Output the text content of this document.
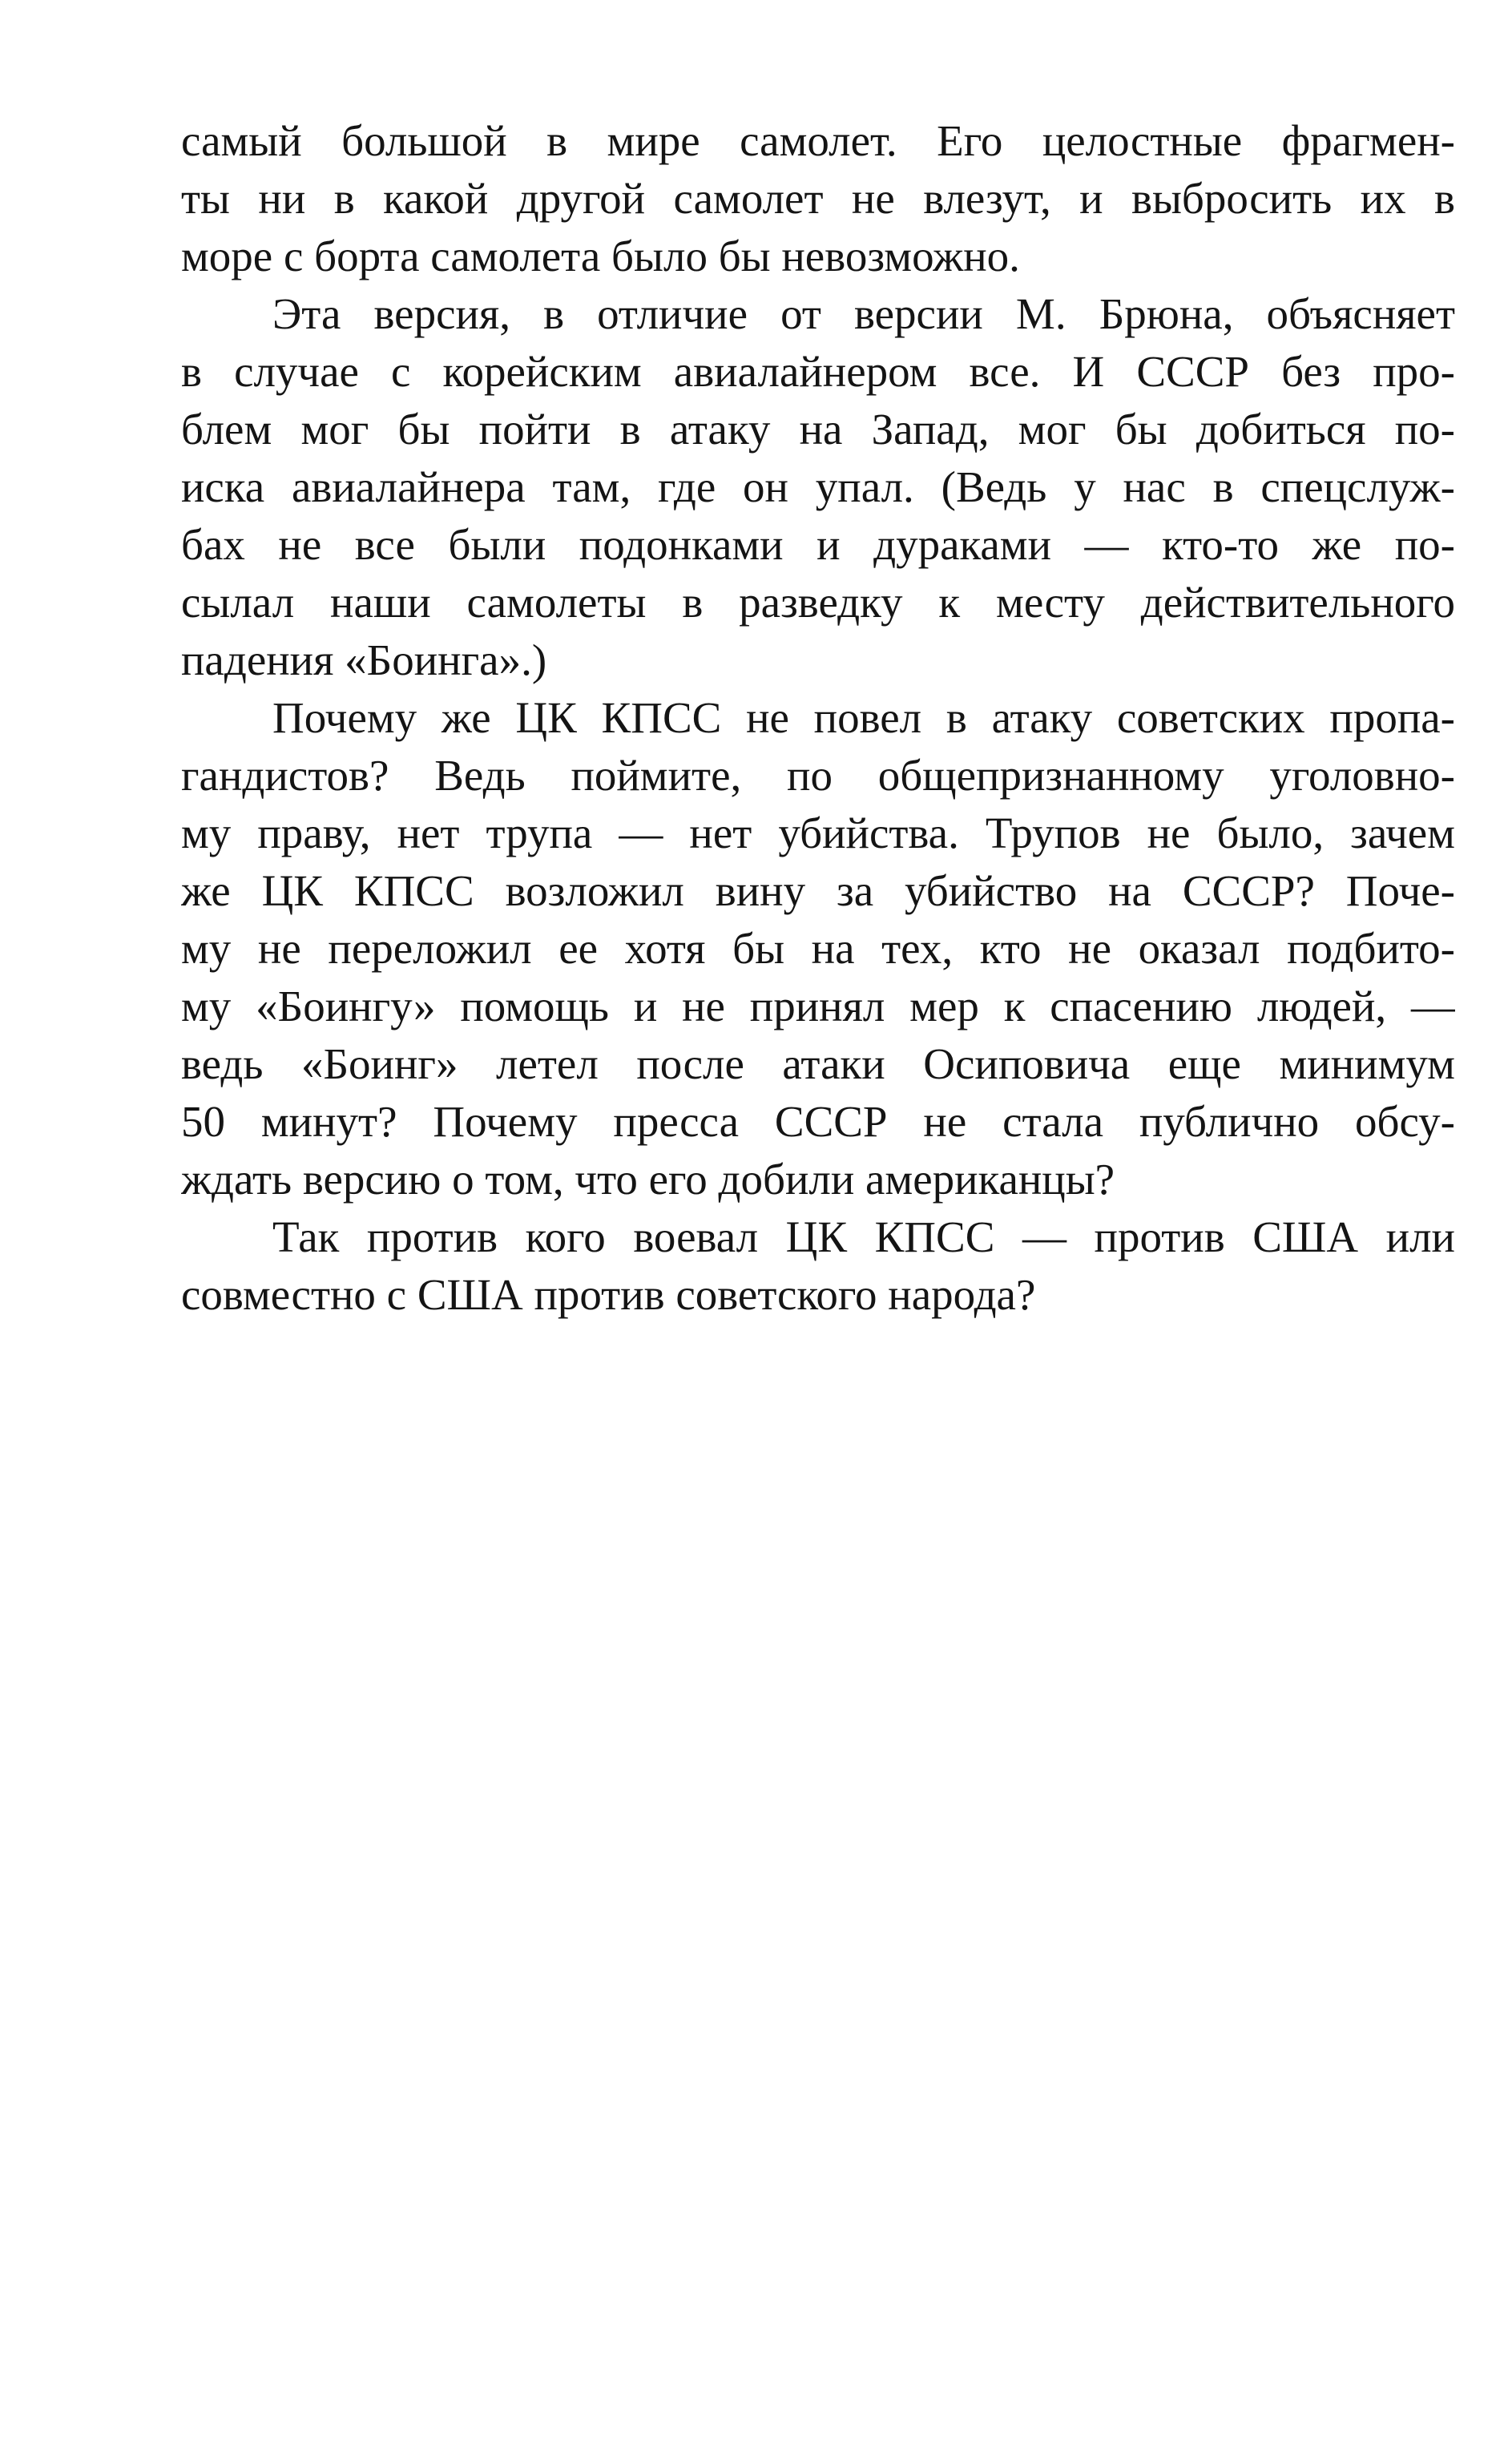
самый большой в мире самолет. Его целостные фрагмен-
ты ни в какой другой самолет не влезут, и выбросить их в
море с борта самолета было бы невозможно.
Эта версия, в отличие от версии М. Брюна, объясняет
в случае с корейским авиалайнером все. И СССР без про-
блем мог бы пойти в атаку на Запад, мог бы добиться по-
иска авиалайнера там, где он упал. (Ведь у нас в спецслуж-
бах не все были подонками и дураками — кто-то же по-
сылал наши самолеты в разведку к месту действительного
падения «Боинга».)
Почему же ЦК КПСС не повел в атаку советских пропа-
гандистов? Ведь поймите, по общепризнанному уголовно-
му праву, нет трупа — нет убийства. Трупов не было, зачем
же ЦК КПСС возложил вину за убийство на СССР? Поче-
му не переложил ее хотя бы на тех, кто не оказал подбито-
му «Боингу» помощь и не принял мер к спасению людей, —
ведь «Боинг» летел после атаки Осиповича еще минимум
50 минут? Почему пресса СССР не стала публично обсу-
ждать версию о том, что его добили американцы?
Так против кого воевал ЦК КПСС — против США или
совместно с США против советского народа?
